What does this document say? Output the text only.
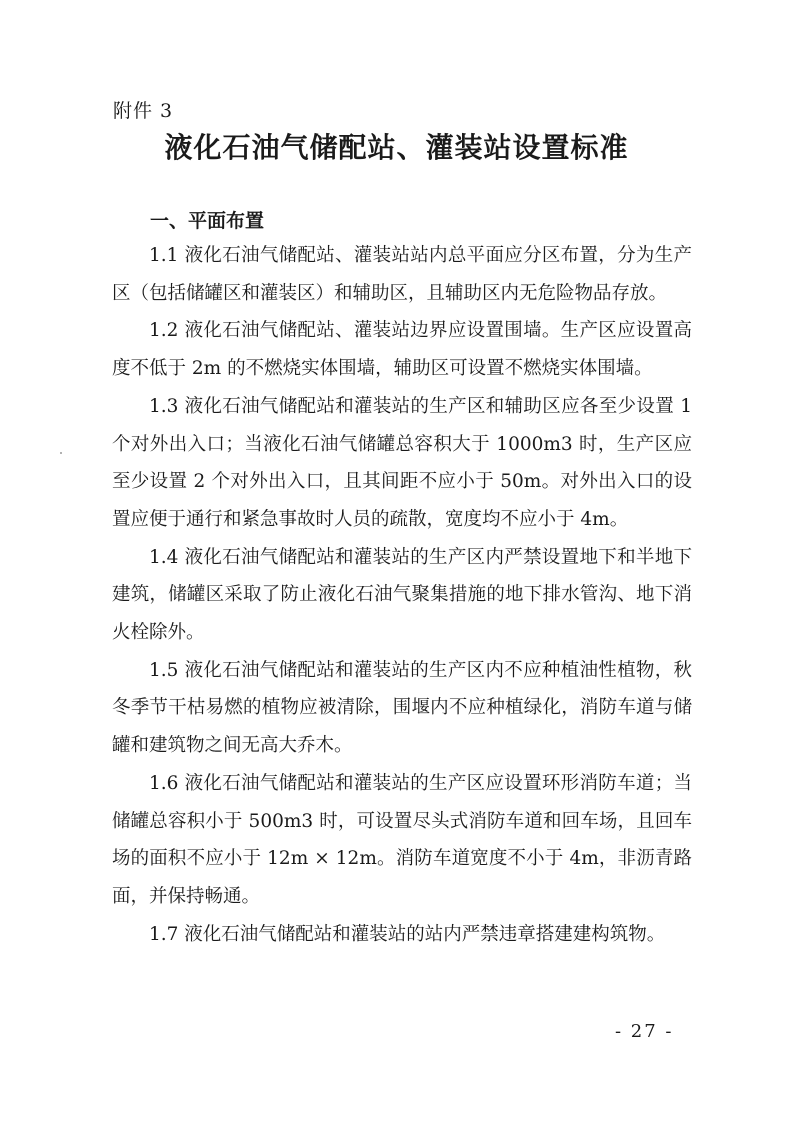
附件 3
液化石油气储配站、灌装站设置标准
一、平面布置

1.1 液化石油气储配站、灌装站站内总平面应分区布置，分为生产区（包括储罐区和灌装区）和辅助区，且辅助区内无危险物品存放。

1.2 液化石油气储配站、灌装站边界应设置围墙。生产区应设置高度不低于 2m 的不燃烧实体围墙，辅助区可设置不燃烧实体围墙。

1.3 液化石油气储配站和灌装站的生产区和辅助区应各至少设置 1 个对外出入口；当液化石油气储罐总容积大于 1000m3 时，生产区应至少设置 2 个对外出入口，且其间距不应小于 50m。对外出入口的设置应便于通行和紧急事故时人员的疏散，宽度均不应小于 4m。

1.4 液化石油气储配站和灌装站的生产区内严禁设置地下和半地下建筑，储罐区采取了防止液化石油气聚集措施的地下排水管沟、地下消火栓除外。

1.5 液化石油气储配站和灌装站的生产区内不应种植油性植物，秋冬季节干枯易燃的植物应被清除，围堰内不应种植绿化，消防车道与储罐和建筑物之间无高大乔木。

1.6 液化石油气储配站和灌装站的生产区应设置环形消防车道；当储罐总容积小于 500m3 时，可设置尽头式消防车道和回车场，且回车场的面积不应小于 12m × 12m。消防车道宽度不小于 4m，非沥青路面，并保持畅通。

1.7 液化石油气储配站和灌装站的站内严禁违章搭建建构筑物。

- 27 -
